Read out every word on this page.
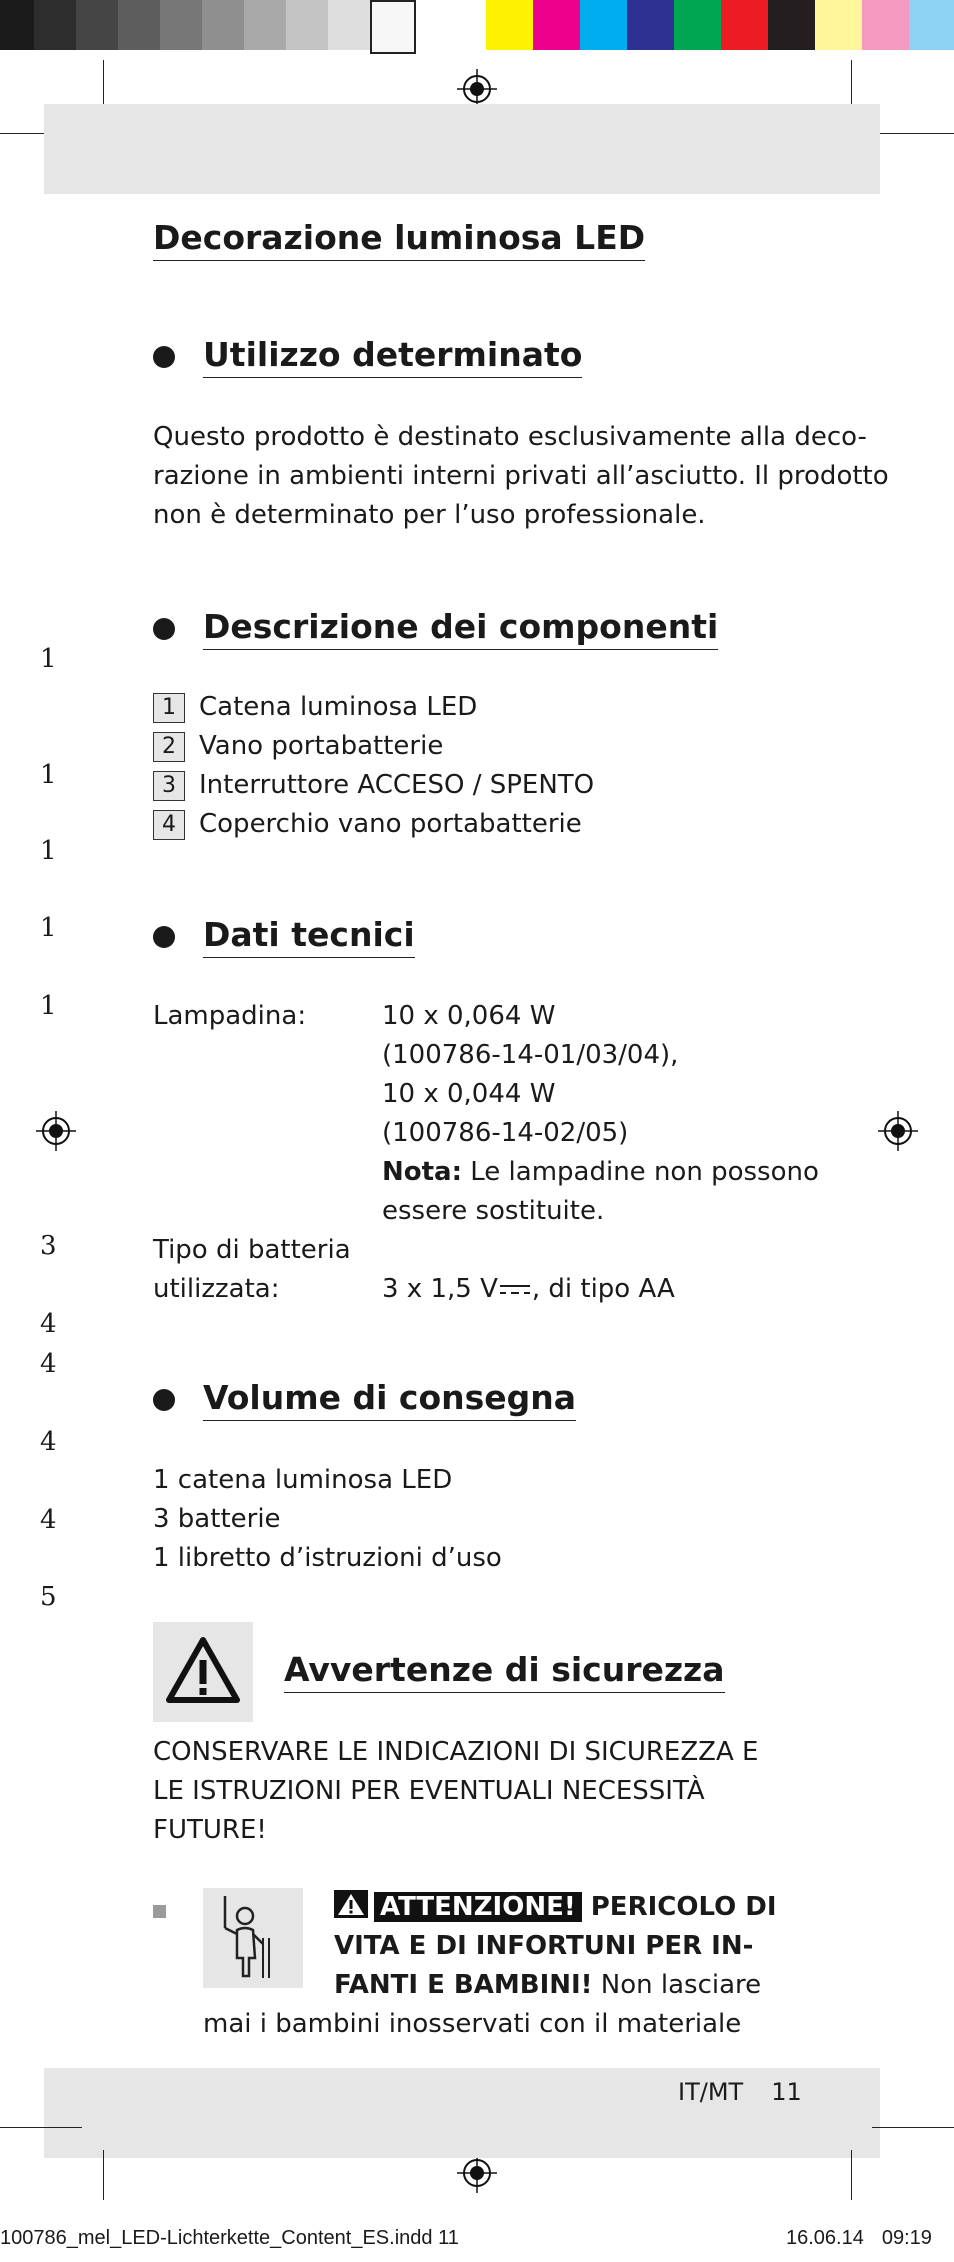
Decorazione luminosa LED
Utilizzo determinato
Questo prodotto è destinato esclusivamente alla deco-
razione in ambienti interni privati all’asciutto. Il prodotto
non è determinato per l’uso professionale.
Descrizione dei componenti
1 Catena luminosa LED
2 Vano portabatterie
3 Interruttore ACCESO / SPENTO
4 Coperchio vano portabatterie
Dati tecnici
Lampadina:	10 x 0,064 W
(100786-14-01/03/04),
10 x 0,044 W
(100786-14-02/05)
Nota: Le lampadine non possono
essere sostituite.
Tipo di batteria
utilizzata:	3 x 1,5 V , di tipo AA
Volume di consegna
1 catena luminosa LED
3 batterie
1 libretto d’istruzioni d’uso
Avvertenze di sicurezza
CONSERVARE LE INDICAZIONI DI SICUREZZA E
LE ISTRUZIONI PER EVENTUALI NECESSITÀ
FUTURE!
ATTENZIONE! PERICOLO DI
VITA E DI INFORTUNI PER IN-
FANTI E BAMBINI! Non lasciare
mai i bambini inosservati con il materiale
1
1
1
1
1
3
4
4
4
4
5
IT/MT 11
100786_mel_LED-Lichterkette_Content_ES.indd 11	16.06.14 09:19
